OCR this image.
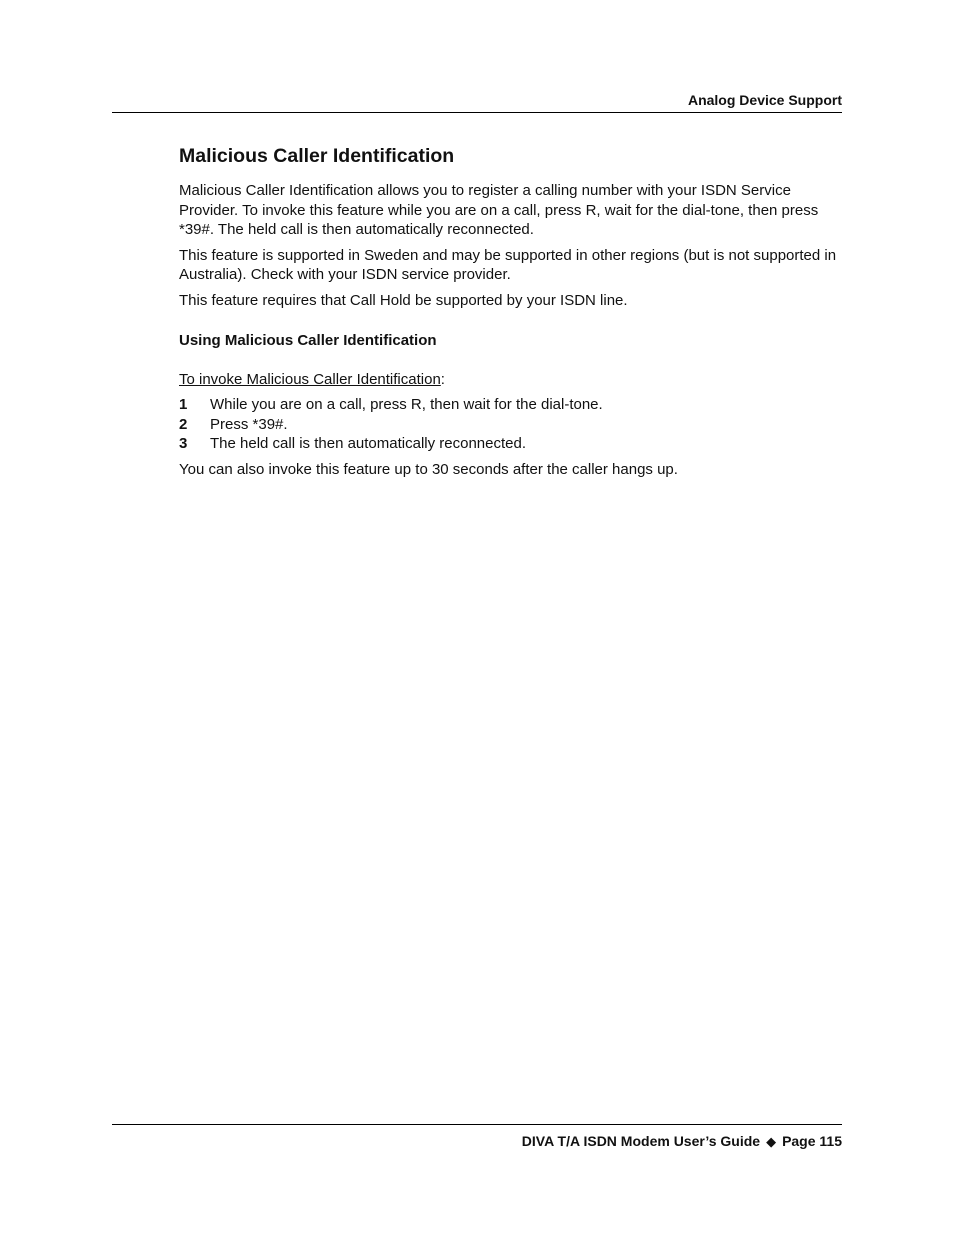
Analog Device Support
Malicious Caller Identification

Malicious Caller Identification allows you to register a calling number with your ISDN Service Provider. To invoke this feature while you are on a call, press R, wait for the dial-tone, then press *39#. The held call is then automatically reconnected.

This feature is supported in Sweden and may be supported in other regions (but is not supported in Australia). Check with your ISDN service provider.

This feature requires that Call Hold be supported by your ISDN line.

Using Malicious Caller Identification
To invoke Malicious Caller Identification:
1 While you are on a call, press R, then wait for the dial-tone.
2 Press *39#.
3 The held call is then automatically reconnected.

You can also invoke this feature up to 30 seconds after the caller hangs up.

DIVA T/A ISDN Modem User’s Guide ◆ Page 115
